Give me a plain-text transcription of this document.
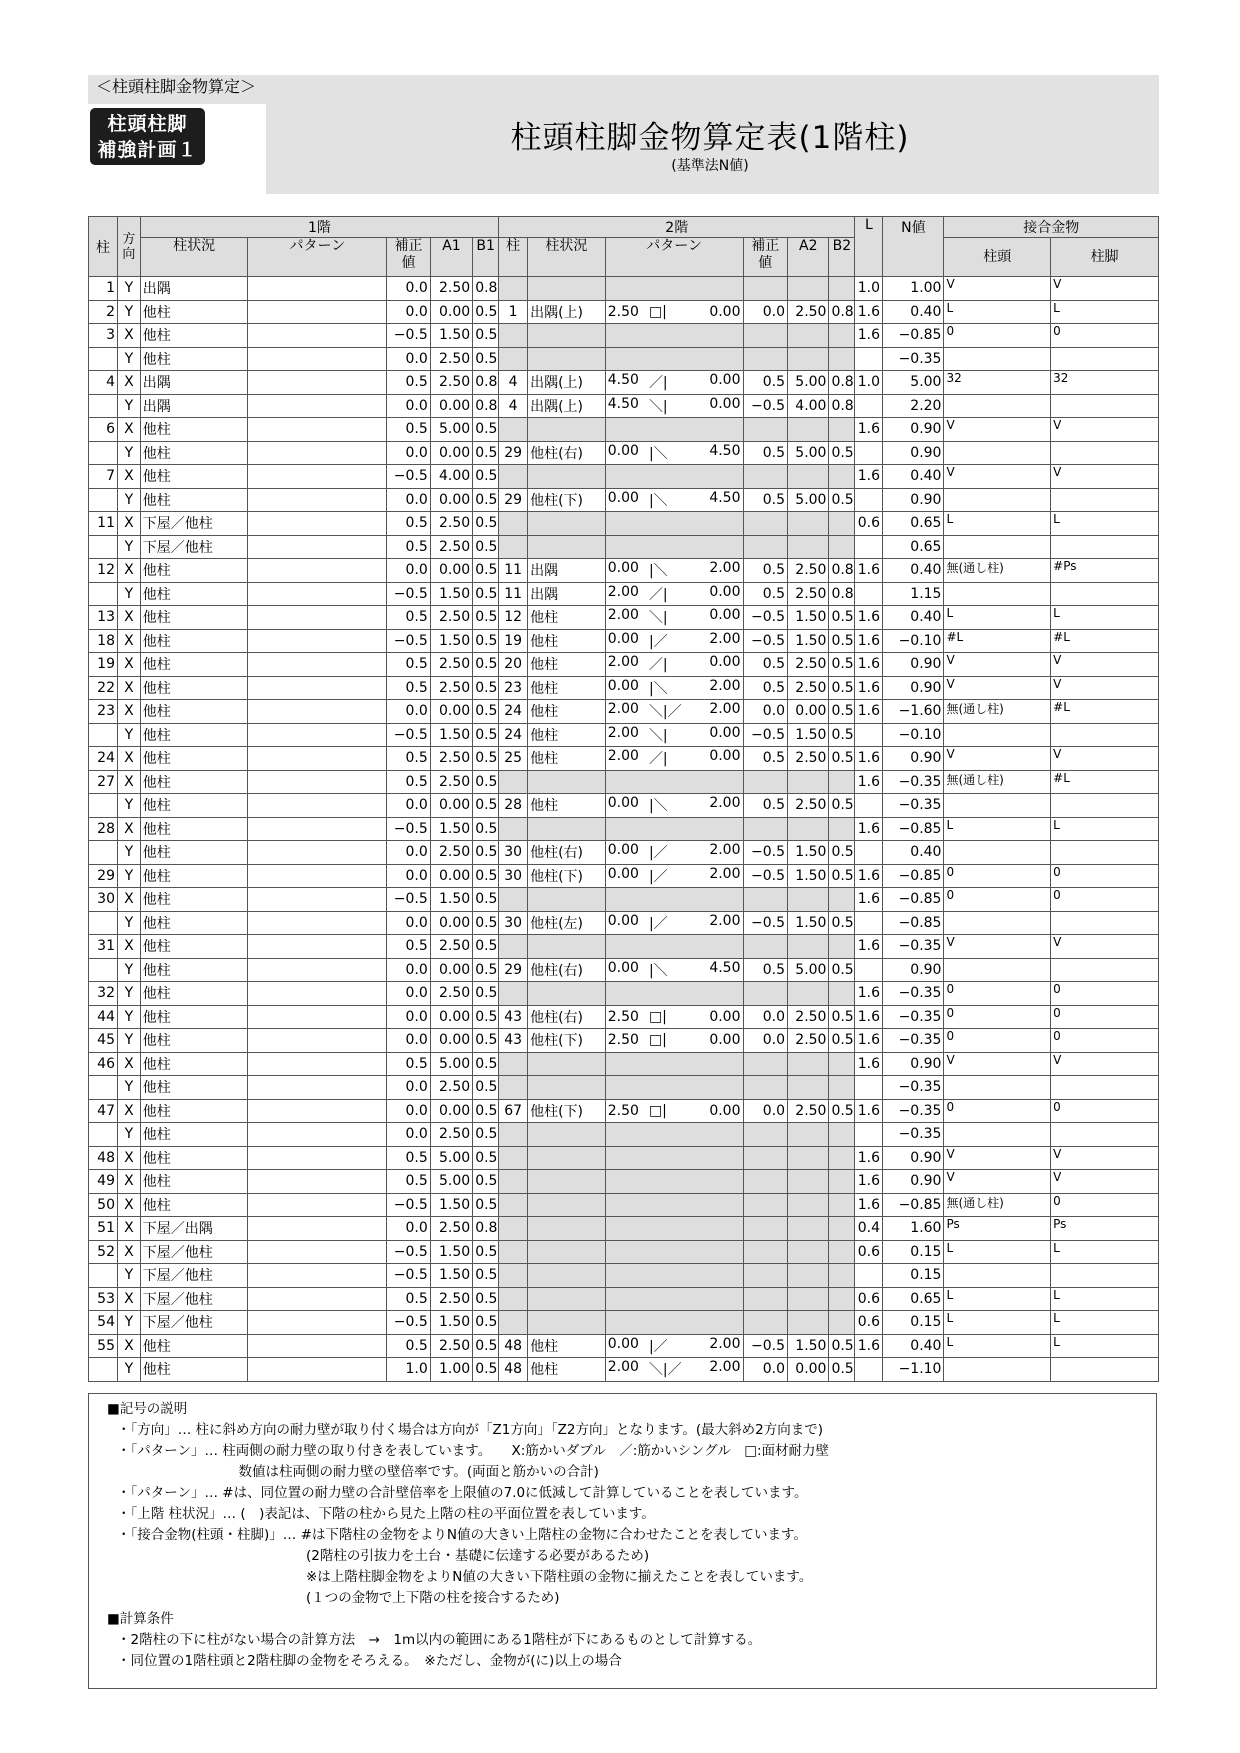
＜柱頭柱脚金物算定＞
柱頭柱脚
補強計画１	柱頭柱脚金物算定表(1階柱)
(基準法N値)
柱	方向	1階					2階						L	N値	接合金物	
		柱状況	パターン	補正値	A1	B1	柱	柱状況	パターン	補正値	A2	B2			柱頭	柱脚
1	Y	出隅		0.0	2.50	0.8							1.0	1.00	V	V
2	Y	他柱		0.0	0.00	0.5	1	出隅(上)	2.50 □| 0.00	0.0	2.50	0.8	1.6	0.40	L	L
3	X	他柱		−0.5	1.50	0.5							1.6	−0.85	0	0
	Y	他柱		0.0	2.50	0.5								−0.35		
4	X	出隅		0.5	2.50	0.8	4	出隅(上)	4.50 ／| 0.00	0.5	5.00	0.8	1.0	5.00	32	32
	Y	出隅		0.0	0.00	0.8	4	出隅(上)	4.50 ＼| 0.00	−0.5	4.00	0.8		2.20		
6	X	他柱		0.5	5.00	0.5							1.6	0.90	V	V
	Y	他柱		0.0	0.00	0.5	29	他柱(右)	0.00 |＼ 4.50	0.5	5.00	0.5		0.90		
7	X	他柱		−0.5	4.00	0.5							1.6	0.40	V	V
	Y	他柱		0.0	0.00	0.5	29	他柱(下)	0.00 |＼ 4.50	0.5	5.00	0.5		0.90		
11	X	下屋／他柱		0.5	2.50	0.5							0.6	0.65	L	L
	Y	下屋／他柱		0.5	2.50	0.5								0.65		
12	X	他柱		0.0	0.00	0.5	11	出隅	0.00 |＼ 2.00	0.5	2.50	0.8	1.6	0.40	無(通し柱)	#Ps
	Y	他柱		−0.5	1.50	0.5	11	出隅	2.00 ／| 0.00	0.5	2.50	0.8		1.15		
13	X	他柱		0.5	2.50	0.5	12	他柱	2.00 ＼| 0.00	−0.5	1.50	0.5	1.6	0.40	L	L
18	X	他柱		−0.5	1.50	0.5	19	他柱	0.00 |／ 2.00	−0.5	1.50	0.5	1.6	−0.10	#L	#L
19	X	他柱		0.5	2.50	0.5	20	他柱	2.00 ／| 0.00	0.5	2.50	0.5	1.6	0.90	V	V
22	X	他柱		0.5	2.50	0.5	23	他柱	0.00 |＼ 2.00	0.5	2.50	0.5	1.6	0.90	V	V
23	X	他柱		0.0	0.00	0.5	24	他柱	2.00 ＼|／ 2.00	0.0	0.00	0.5	1.6	−1.60	無(通し柱)	#L
	Y	他柱		−0.5	1.50	0.5	24	他柱	2.00 ＼| 0.00	−0.5	1.50	0.5		−0.10		
24	X	他柱		0.5	2.50	0.5	25	他柱	2.00 ／| 0.00	0.5	2.50	0.5	1.6	0.90	V	V
27	X	他柱		0.5	2.50	0.5							1.6	−0.35	無(通し柱)	#L
	Y	他柱		0.0	0.00	0.5	28	他柱	0.00 |＼ 2.00	0.5	2.50	0.5		−0.35		
28	X	他柱		−0.5	1.50	0.5							1.6	−0.85	L	L
	Y	他柱		0.0	2.50	0.5	30	他柱(右)	0.00 |／ 2.00	−0.5	1.50	0.5		0.40		
29	Y	他柱		0.0	0.00	0.5	30	他柱(下)	0.00 |／ 2.00	−0.5	1.50	0.5	1.6	−0.85	0	0
30	X	他柱		−0.5	1.50	0.5							1.6	−0.85	0	0
	Y	他柱		0.0	0.00	0.5	30	他柱(左)	0.00 |／ 2.00	−0.5	1.50	0.5		−0.85		
31	X	他柱		0.5	2.50	0.5							1.6	−0.35	V	V
	Y	他柱		0.0	0.00	0.5	29	他柱(右)	0.00 |＼ 4.50	0.5	5.00	0.5		0.90		
32	Y	他柱		0.0	2.50	0.5							1.6	−0.35	0	0
44	Y	他柱		0.0	0.00	0.5	43	他柱(右)	2.50 □| 0.00	0.0	2.50	0.5	1.6	−0.35	0	0
45	Y	他柱		0.0	0.00	0.5	43	他柱(下)	2.50 □| 0.00	0.0	2.50	0.5	1.6	−0.35	0	0
46	X	他柱		0.5	5.00	0.5							1.6	0.90	V	V
	Y	他柱		0.0	2.50	0.5								−0.35		
47	X	他柱		0.0	0.00	0.5	67	他柱(下)	2.50 □| 0.00	0.0	2.50	0.5	1.6	−0.35	0	0
	Y	他柱		0.0	2.50	0.5								−0.35		
48	X	他柱		0.5	5.00	0.5							1.6	0.90	V	V
49	X	他柱		0.5	5.00	0.5							1.6	0.90	V	V
50	X	他柱		−0.5	1.50	0.5							1.6	−0.85	無(通し柱)	0
51	X	下屋／出隅		0.0	2.50	0.8							0.4	1.60	Ps	Ps
52	X	下屋／他柱		−0.5	1.50	0.5							0.6	0.15	L	L
	Y	下屋／他柱		−0.5	1.50	0.5								0.15		
53	X	下屋／他柱		0.5	2.50	0.5							0.6	0.65	L	L
54	Y	下屋／他柱		−0.5	1.50	0.5							0.6	0.15	L	L
55	X	他柱		0.5	2.50	0.5	48	他柱	0.00 |／ 2.00	−0.5	1.50	0.5	1.6	0.40	L	L
	Y	他柱		1.0	1.00	0.5	48	他柱	2.00 ＼|／ 2.00	0.0	0.00	0.5		−1.10		
■記号の説明
・「方向」… 柱に斜め方向の耐力壁が取り付く場合は方向が「Z1方向」「Z2方向」となります。(最大斜め2方向まで)
・「パターン」… 柱両側の耐力壁の取り付きを表しています。　　X:筋かいダブル　／:筋かいシングル　□:面材耐力壁
　　　　　　　　　数値は柱両側の耐力壁の壁倍率です。(両面と筋かいの合計)
・「パターン」… #は、同位置の耐力壁の合計壁倍率を上限値の7.0に低減して計算していることを表しています。
・「上階 柱状況」… (　)表記は、下階の柱から見た上階の柱の平面位置を表しています。
・「接合金物(柱頭・柱脚)」… #は下階柱の金物をよりN値の大きい上階柱の金物に合わせたことを表しています。
　　　　　　　　　　　　　　(2階柱の引抜力を土台・基礎に伝達する必要があるため)
　　　　　　　　　　　　　　※は上階柱脚金物をよりN値の大きい下階柱頭の金物に揃えたことを表しています。
　　　　　　　　　　　　　　(１つの金物で上下階の柱を接合するため)
■計算条件
・2階柱の下に柱がない場合の計算方法　→　1m以内の範囲にある1階柱が下にあるものとして計算する。
・同位置の1階柱頭と2階柱脚の金物をそろえる。　※ただし、金物が(に)以上の場合
